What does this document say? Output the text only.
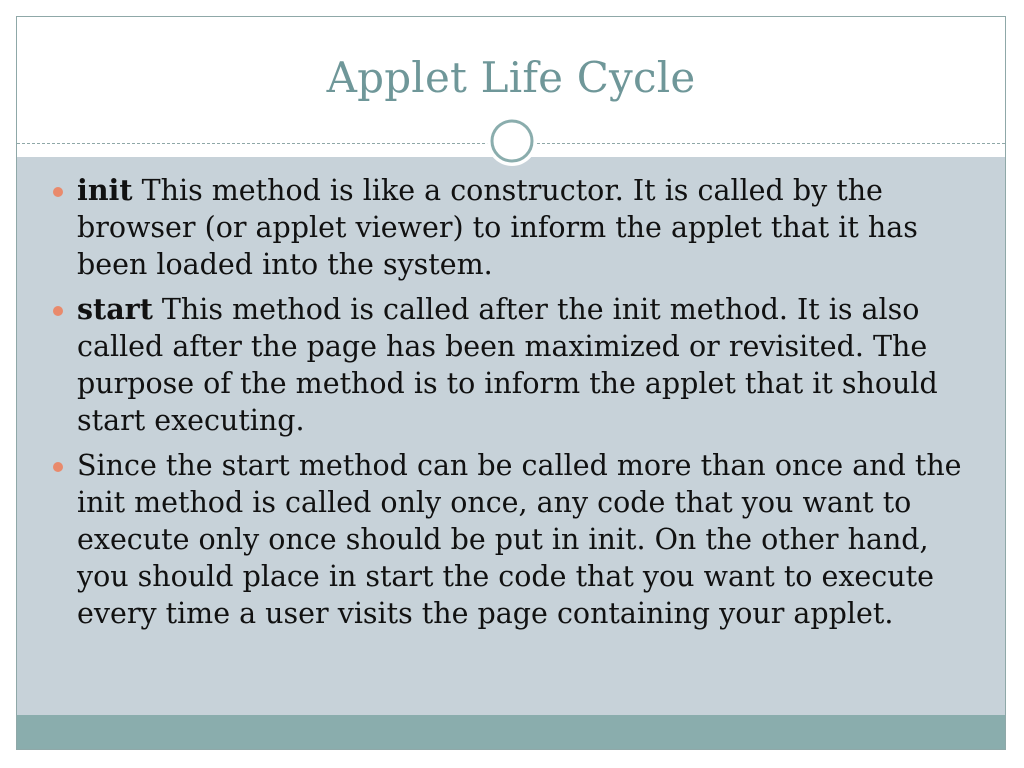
Applet Life Cycle
init This method is like a constructor. It is called by the browser (or applet viewer) to inform the applet that it has been loaded into the system.
start This method is called after the init method. It is also called after the page has been maximized or revisited. The purpose of the method is to inform the applet that it should start executing.
Since the start method can be called more than once and the init method is called only once, any code that you want to execute only once should be put in init. On the other hand, you should place in start the code that you want to execute every time a user visits the page containing your applet.
